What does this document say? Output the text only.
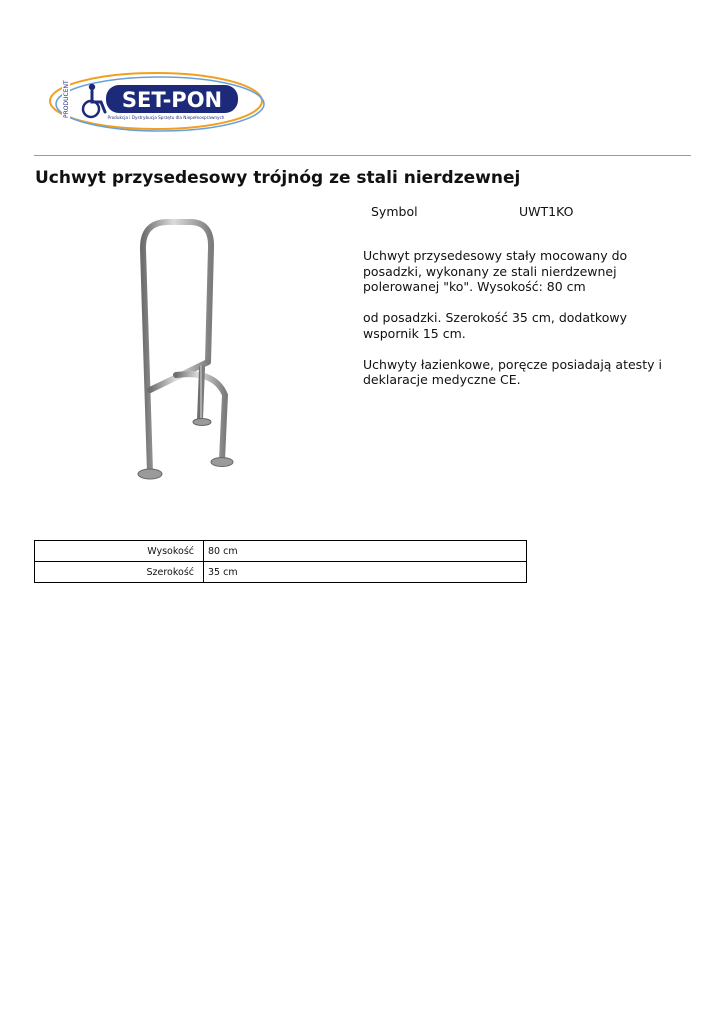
PRODUCENT SET-PON
Produkcja i Dystrybucja Sprzętu dla Niepełnosprawnych
Uchwyt przysedesowy trójnóg ze stali nierdzewnej
Symbol	UWT1KO

Uchwyt przysedesowy stały mocowany do posadzki, wykonany ze stali nierdzewnej polerowanej "ko". Wysokość: 80 cm

od posadzki. Szerokość 35 cm, dodatkowy wspornik 15 cm.

Uchwyty łazienkowe, poręcze posiadają atesty i deklaracje medyczne CE.

Wysokość	80 cm
Szerokość	35 cm
